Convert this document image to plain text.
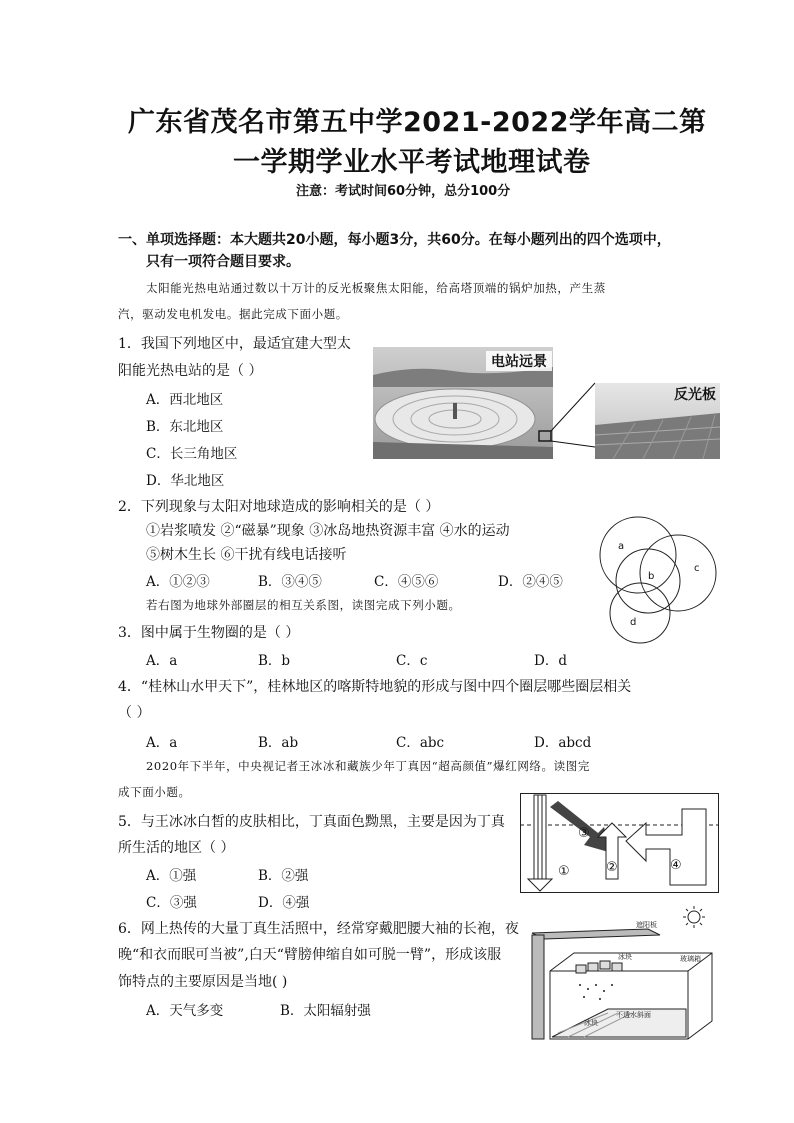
广东省茂名市第五中学2021-2022学年高二第
一学期学业水平考试地理试卷
注意：考试时间60分钟，总分100分
一、单项选择题：本大题共20小题，每小题3分，共60分。在每小题列出的四个选项中，
只有一项符合题目要求。
太阳能光热电站通过数以十万计的反光板聚焦太阳能，给高塔顶端的锅炉加热，产生蒸
汽，驱动发电机发电。据此完成下面小题。
1．我国下列地区中，最适宜建大型太
阳能光热电站的是（ ）
A．西北地区
B．东北地区
C．长三角地区
D．华北地区
电站远景
反光板
2．下列现象与太阳对地球造成的影响相关的是（ ）
①岩浆喷发 ②“磁暴”现象 ③冰岛地热资源丰富 ④水的运动
⑤树木生长 ⑥干扰有线电话接听
A．①②③	B．③④⑤	C．④⑤⑥	D．②④⑤
a
b
c
d
若右图为地球外部圈层的相互关系图，读图完成下列小题。
3．图中属于生物圈的是（ ）
A．a	B．b	C．c	D．d
4．“桂林山水甲天下”，桂林地区的喀斯特地貌的形成与图中四个圈层哪些圈层相关
（ ）
A．a	B．ab	C．abc	D．abcd
2020年下半年，中央视记者王冰冰和藏族少年丁真因“超高颜值”爆红网络。读图完
成下面小题。
5．与王冰冰白皙的皮肤相比，丁真面色黝黑，主要是因为丁真
所生活的地区（ ）
A．①强	B．②强
C．③强	D．④强
①
③
②	④
6．网上热传的大量丁真生活照中，经常穿戴肥腰大袖的长袍，夜
晚“和衣而眠可当被”,白天“臂膀伸缩自如可脱一臂”，形成该服
饰特点的主要原因是当地( )
A．天气多变	B．太阳辐射强
遮阳板
玻璃箱
冰块
不透水斜面
冰块
